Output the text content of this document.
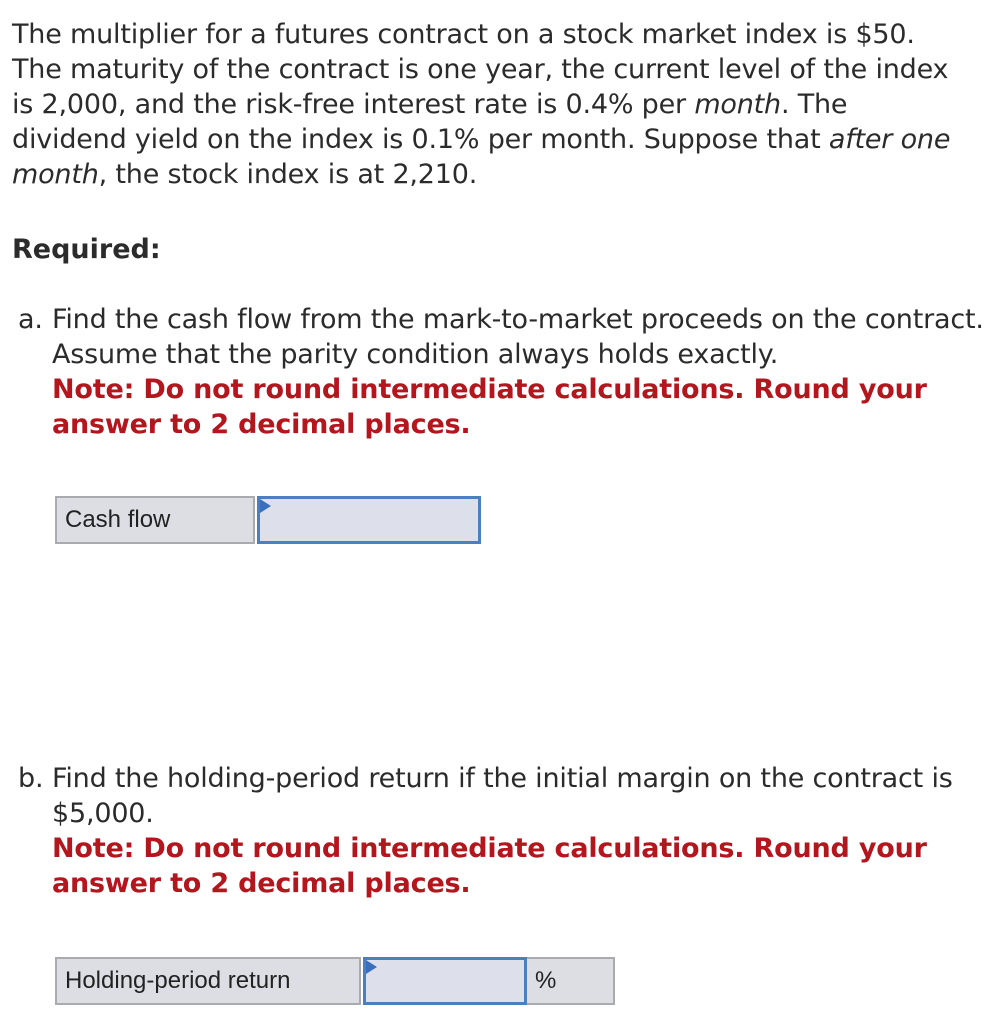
The multiplier for a futures contract on a stock market index is $50.
The maturity of the contract is one year, the current level of the index
is 2,000, and the risk-free interest rate is 0.4% per month. The
dividend yield on the index is 0.1% per month. Suppose that after one
month, the stock index is at 2,210.

Required:
a. Find the cash flow from the mark-to-market proceeds on the contract. Assume that the parity condition always holds exactly.
Note: Do not round intermediate calculations. Round your answer to 2 decimal places.
Cash flow
b. Find the holding-period return if the initial margin on the contract is $5,000.
Note: Do not round intermediate calculations. Round your answer to 2 decimal places.
Holding-period return	%
